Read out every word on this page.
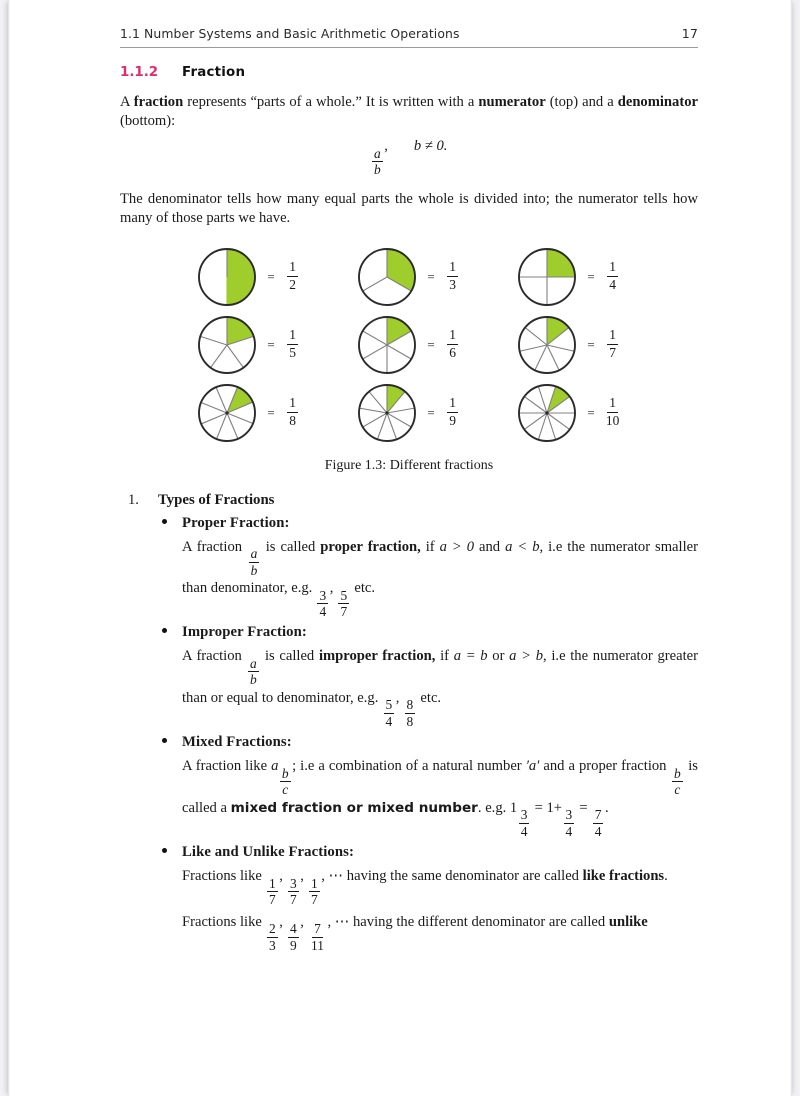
1.1 Number Systems and Basic Arithmetic Operations	17
1.1.2	Fraction

A fraction represents “parts of a whole.” It is written with a numerator (top) and a denominator (bottom):

$\frac{a}{b}$
, b ≠ 0.

The denominator tells how many equal parts the whole is divided into; the numerator tells how many of those parts we have.

= $\frac{1}{2}$	= $\frac{1}{3}$	= $\frac{1}{4}$
= $\frac{1}{5}$	= $\frac{1}{6}$	= $\frac{1}{7}$
= $\frac{1}{8}$	= $\frac{1}{9}$	= $\frac{1}{10}$
Figure 1.3: Different fractions
1. Types of Fractions
Proper Fraction:
A fraction
$\frac{a}{b}$
is called proper fraction, if a > 0 and a < b, i.e the numerator smaller than denominator, e.g.
$\frac{3}{4}$
,
$\frac{5}{7}$
etc.
Improper Fraction:
A fraction
$\frac{a}{b}$
is called improper fraction, if a = b or a > b, i.e the numerator greater than or equal to denominator, e.g.
$\frac{5}{4}$
,
$\frac{8}{8}$
etc.
Mixed Fractions:
A fraction like a
$\frac{b}{c}$
; i.e a combination of a natural number ′a′ and a proper fraction
$\frac{b}{c}$
is called a mixed fraction or mixed number. e.g. 1
$\frac{3}{4}$
= 1+
$\frac{3}{4}$
=
$\frac{7}{4}$
.
Like and Unlike Fractions:
Fractions like
$\frac{1}{7}$
,
$\frac{3}{7}$
,
$\frac{1}{7}$
, ⋯ having the same denominator are called like fractions.
Fractions like
$\frac{2}{3}$
,
$\frac{4}{9}$
,
$\frac{7}{11}$
, ⋯ having the different denominator are called unlike
